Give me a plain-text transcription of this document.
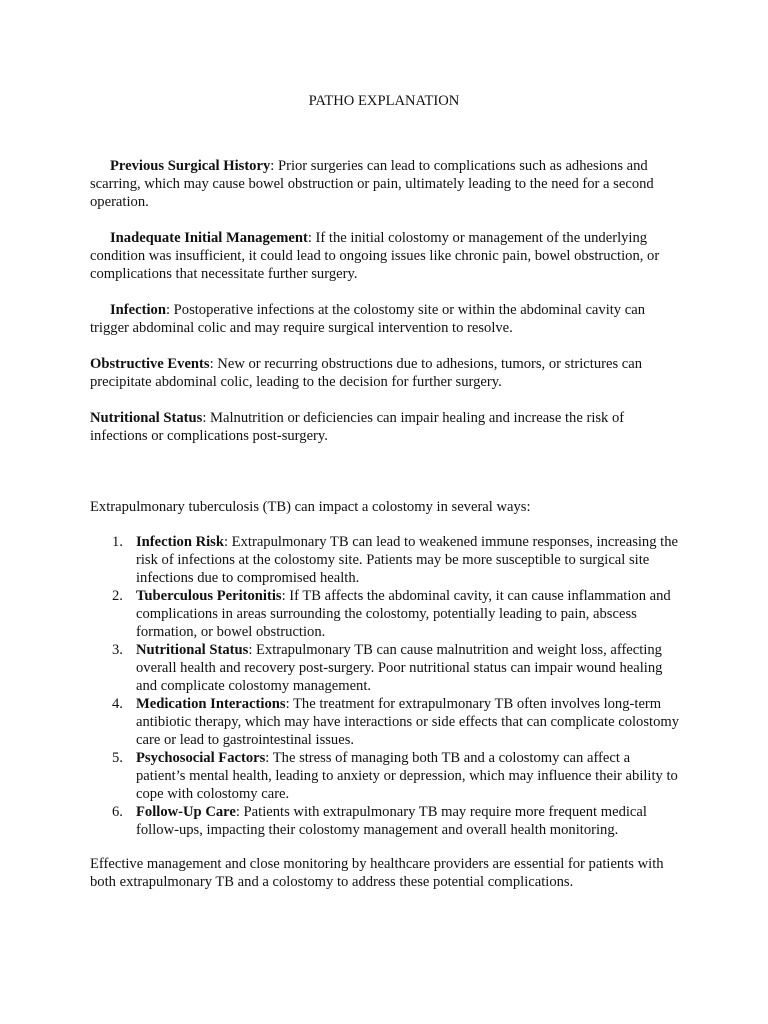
PATHO EXPLANATION

Previous Surgical History: Prior surgeries can lead to complications such as adhesions and scarring, which may cause bowel obstruction or pain, ultimately leading to the need for a second operation.

Inadequate Initial Management: If the initial colostomy or management of the underlying condition was insufficient, it could lead to ongoing issues like chronic pain, bowel obstruction, or complications that necessitate further surgery.

Infection: Postoperative infections at the colostomy site or within the abdominal cavity can trigger abdominal colic and may require surgical intervention to resolve.

Obstructive Events: New or recurring obstructions due to adhesions, tumors, or strictures can precipitate abdominal colic, leading to the decision for further surgery.

Nutritional Status: Malnutrition or deficiencies can impair healing and increase the risk of infections or complications post-surgery.

Extrapulmonary tuberculosis (TB) can impact a colostomy in several ways:

1. Infection Risk: Extrapulmonary TB can lead to weakened immune responses, increasing the risk of infections at the colostomy site. Patients may be more susceptible to surgical site infections due to compromised health.
2. Tuberculous Peritonitis: If TB affects the abdominal cavity, it can cause inflammation and complications in areas surrounding the colostomy, potentially leading to pain, abscess formation, or bowel obstruction.
3. Nutritional Status: Extrapulmonary TB can cause malnutrition and weight loss, affecting overall health and recovery post-surgery. Poor nutritional status can impair wound healing and complicate colostomy management.
4. Medication Interactions: The treatment for extrapulmonary TB often involves long-term antibiotic therapy, which may have interactions or side effects that can complicate colostomy care or lead to gastrointestinal issues.
5. Psychosocial Factors: The stress of managing both TB and a colostomy can affect a patient’s mental health, leading to anxiety or depression, which may influence their ability to cope with colostomy care.
6. Follow-Up Care: Patients with extrapulmonary TB may require more frequent medical follow-ups, impacting their colostomy management and overall health monitoring.

Effective management and close monitoring by healthcare providers are essential for patients with both extrapulmonary TB and a colostomy to address these potential complications.
